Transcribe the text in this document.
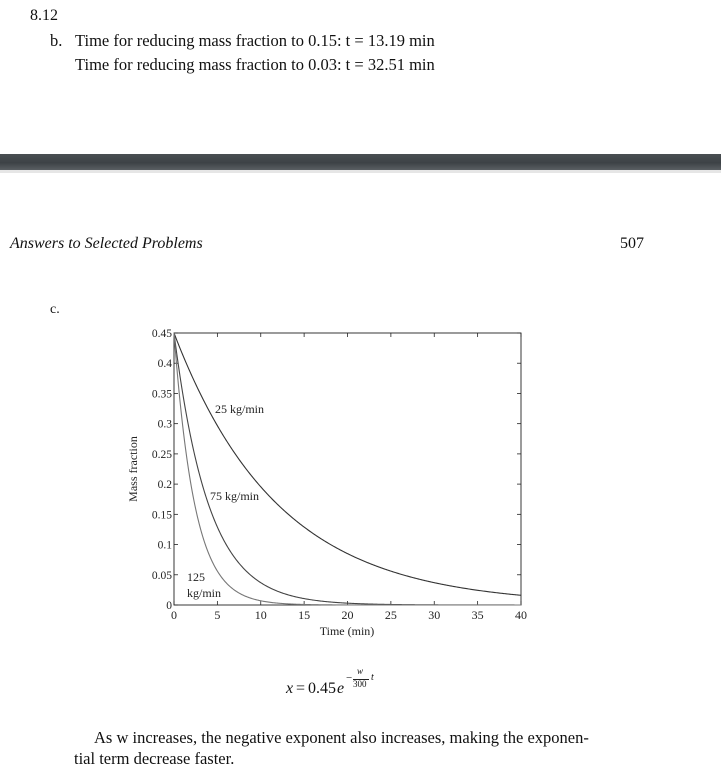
8.12
b. Time for reducing mass fraction to 0.15: t = 13.19 min
Time for reducing mass fraction to 0.03: t = 32.51 min
Answers to Selected Problems	507
c.
0	5	10	15	20	25	30	35	40
0
0.05
0.1
0.15
0.2
0.25
0.3
0.35
0.4
0.45
25 kg/min
75 kg/min
125
kg/min
Time (min)
Mass fraction
x = 0.45 e
−
w
300
t
As w increases, the negative exponent also increases, making the exponen-
tial term decrease faster.
